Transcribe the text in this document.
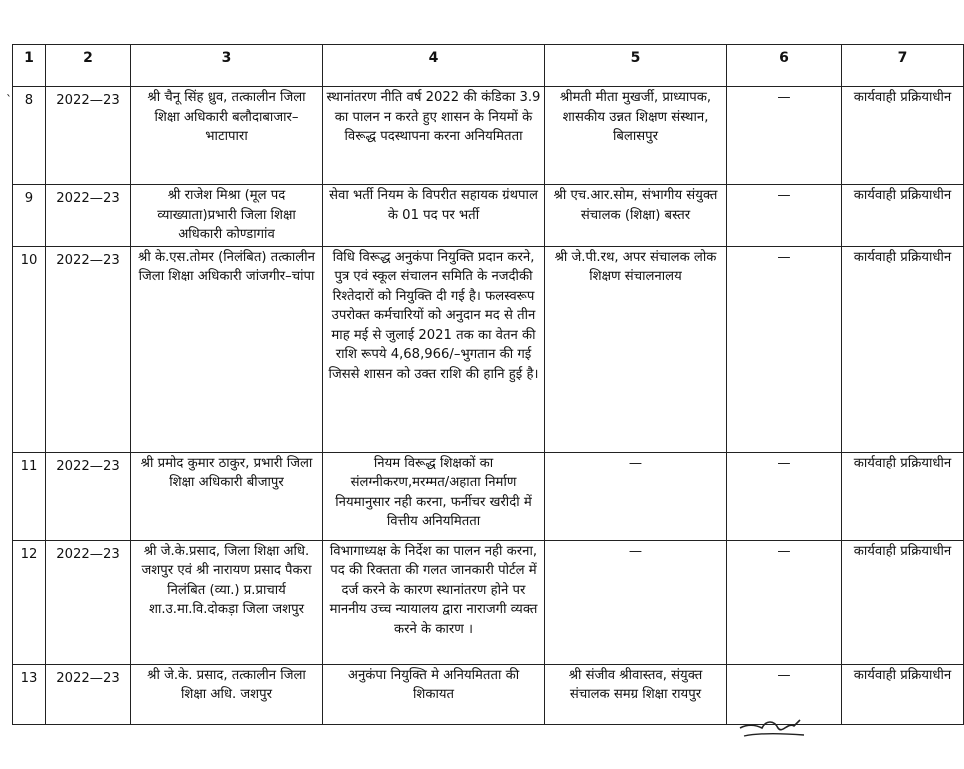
`
1	2	3	4	5	6	7
8	2022—23	श्री चैनू सिंह ध्रुव, तत्कालीन जिला शिक्षा अधिकारी बलौदाबाजार–भाटापारा	स्थानांतरण नीति वर्ष 2022 की कंडिका 3.9 का पालन न करते हुए शासन के नियमों के विरूद्ध पदस्थापना करना अनियमितता	श्रीमती मीता मुखर्जी, प्राध्यापक, शासकीय उन्नत शिक्षण संस्थान, बिलासपुर	—	कार्यवाही प्रक्रियाधीन
9	2022—23	श्री राजेश मिश्रा (मूल पद व्याख्याता)प्रभारी जिला शिक्षा अधिकारी कोण्डागांव	सेवा भर्ती नियम के विपरीत सहायक ग्रंथपाल के 01 पद पर भर्ती	श्री एच.आर.सोम, संभागीय संयुक्त संचालक (शिक्षा) बस्तर	—	कार्यवाही प्रक्रियाधीन
10	2022—23	श्री के.एस.तोमर (निलंबित) तत्कालीन जिला शिक्षा अधिकारी जांजगीर–चांपा	विधि विरूद्ध अनुकंपा नियुक्ति प्रदान करने, पुत्र एवं स्कूल संचालन समिति के नजदीकी रिश्तेदारों को नियुक्ति दी गई है। फलस्वरूप उपरोक्त कर्मचारियों को अनुदान मद से तीन माह मई से जुलाई 2021 तक का वेतन की राशि रूपये 4,68,966/–भुगतान की गई जिससे शासन को उक्त राशि की हानि हुई है।	श्री जे.पी.रथ, अपर संचालक लोक शिक्षण संचालनालय	—	कार्यवाही प्रक्रियाधीन
11	2022—23	श्री प्रमोद कुमार ठाकुर, प्रभारी जिला शिक्षा अधिकारी बीजापुर	नियम विरूद्ध शिक्षकों का संलग्नीकरण,मरम्मत/अहाता निर्माण नियमानुसार नही करना, फर्नीचर खरीदी में वित्तीय अनियमितता	—	—	कार्यवाही प्रक्रियाधीन
12	2022—23	श्री जे.के.प्रसाद, जिला शिक्षा अधि. जशपुर एवं श्री नारायण प्रसाद पैकरा निलंबित (व्या.) प्र.प्राचार्य शा.उ.मा.वि.दोकड़ा जिला जशपुर	विभागाध्यक्ष के निर्देश का पालन नही करना, पद की रिक्तता की गलत जानकारी पोर्टल में दर्ज करने के कारण स्थानांतरण होने पर माननीय उच्च न्यायालय द्वारा नाराजगी व्यक्त करने के कारण ।	—	—	कार्यवाही प्रक्रियाधीन
13	2022—23	श्री जे.के. प्रसाद, तत्कालीन जिला शिक्षा अधि. जशपुर	अनुकंपा नियुक्ति मे अनियमितता की शिकायत	श्री संजीव श्रीवास्तव, संयुक्त संचालक समग्र शिक्षा रायपुर	—	कार्यवाही प्रक्रियाधीन
